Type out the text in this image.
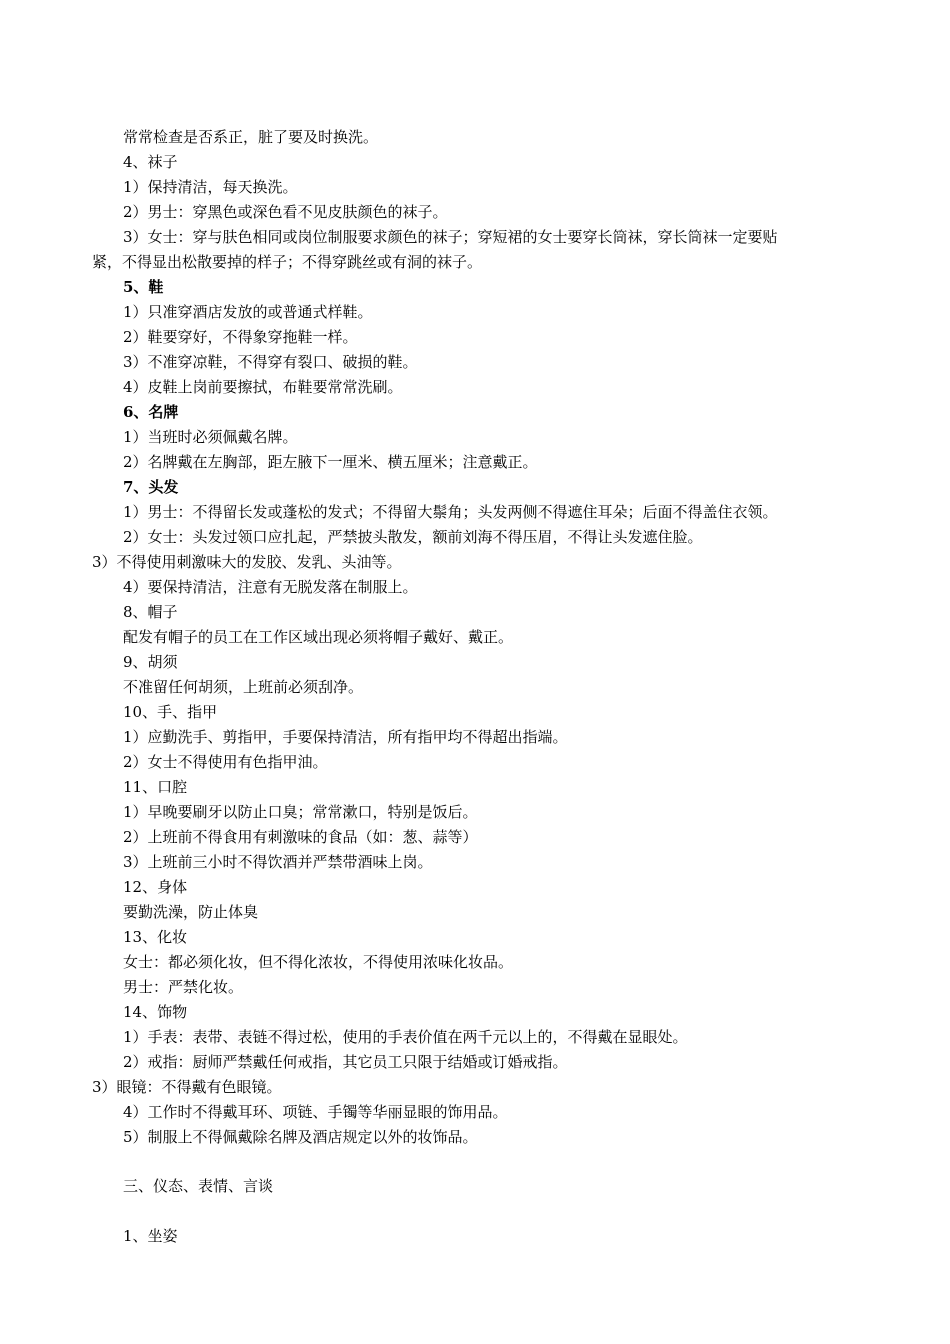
常常检查是否系正，脏了要及时换洗。
4、袜子
1）保持清洁，每天换洗。
2）男士：穿黑色或深色看不见皮肤颜色的袜子。
3）女士：穿与肤色相同或岗位制服要求颜色的袜子；穿短裙的女士要穿长筒袜，穿长筒袜一定要贴
紧，不得显出松散要掉的样子；不得穿跳丝或有洞的袜子。
5、鞋
1）只准穿酒店发放的或普通式样鞋。
2）鞋要穿好，不得象穿拖鞋一样。
3）不准穿凉鞋，不得穿有裂口、破损的鞋。
4）皮鞋上岗前要擦拭，布鞋要常常洗刷。
6、名牌
1）当班时必须佩戴名牌。
2）名牌戴在左胸部，距左腋下一厘米、横五厘米；注意戴正。
7、头发
1）男士：不得留长发或蓬松的发式；不得留大鬃角；头发两侧不得遮住耳朵；后面不得盖住衣领。
2）女士：头发过领口应扎起，严禁披头散发，额前刘海不得压眉，不得让头发遮住脸。
3）不得使用刺激味大的发胶、发乳、头油等。
4）要保持清洁，注意有无脱发落在制服上。
8、帽子
配发有帽子的员工在工作区域出现必须将帽子戴好、戴正。
9、胡须
不准留任何胡须，上班前必须刮净。
10、手、指甲
1）应勤洗手、剪指甲，手要保持清洁，所有指甲均不得超出指端。
2）女士不得使用有色指甲油。
11、口腔
1）早晚要刷牙以防止口臭；常常漱口，特别是饭后。
2）上班前不得食用有刺激味的食品（如：葱、蒜等）
3）上班前三小时不得饮酒并严禁带酒味上岗。
12、身体
要勤洗澡，防止体臭
13、化妆
女士：都必须化妆，但不得化浓妆，不得使用浓味化妆品。
男士：严禁化妆。
14、饰物
1）手表：表带、表链不得过松，使用的手表价值在两千元以上的，不得戴在显眼处。
2）戒指：厨师严禁戴任何戒指，其它员工只限于结婚或订婚戒指。
3）眼镜：不得戴有色眼镜。
4）工作时不得戴耳环、项链、手镯等华丽显眼的饰用品。
5）制服上不得佩戴除名牌及酒店规定以外的妆饰品。
三、仪态、表情、言谈
1、坐姿
